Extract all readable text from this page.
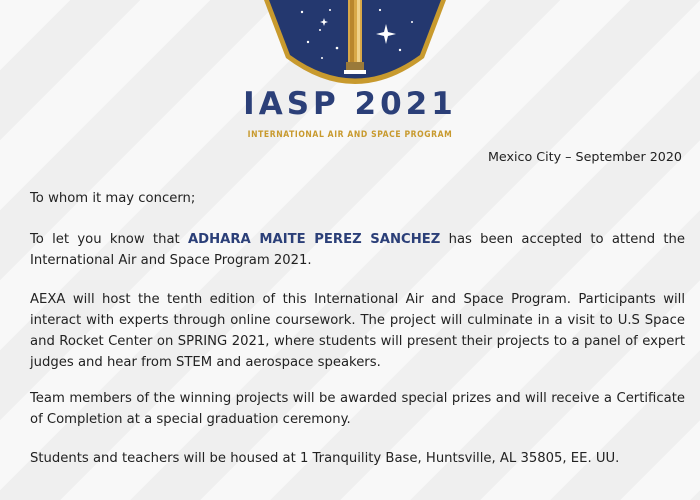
IASP 2021
INTERNATIONAL AIR AND SPACE PROGRAM
Mexico City – September 2020
To whom it may concern;
To let you know that ADHARA MAITE PEREZ SANCHEZ has been accepted to attend the International Air and Space Program 2021.
AEXA will host the tenth edition of this International Air and Space Program. Participants will interact with experts through online coursework. The project will culminate in a visit to U.S Space and Rocket Center on SPRING 2021, where students will present their projects to a panel of expert judges and hear from STEM and aerospace speakers.
Team members of the winning projects will be awarded special prizes and will receive a Certificate of Completion at a special graduation ceremony.
Students and teachers will be housed at 1 Tranquility Base, Huntsville, AL 35805, EE. UU.
